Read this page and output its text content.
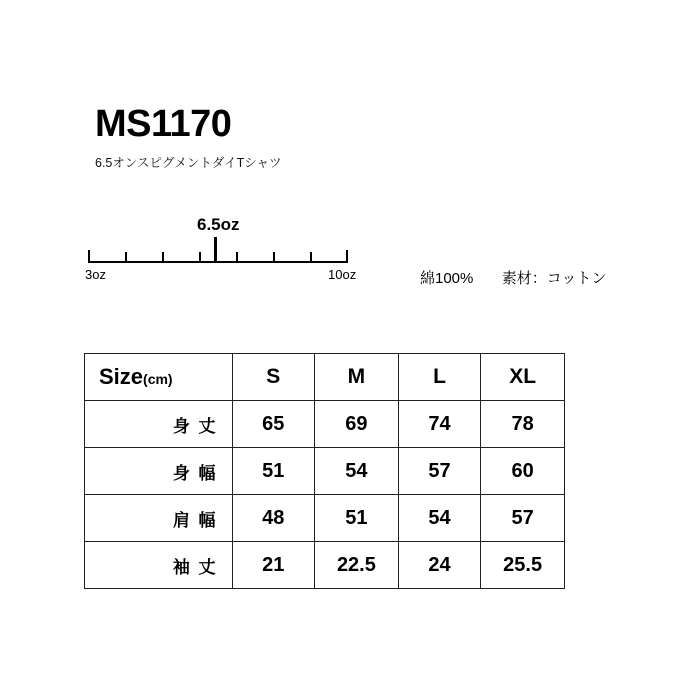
MS1170
6.5オンスピグメントダイTシャツ
6.5oz
3oz	10oz	綿100% 素材：コットン
Size(cm)	S	M	L	XL
身 丈	65	69	74	78
身 幅	51	54	57	60
肩 幅	48	51	54	57
袖 丈	21	22.5	24	25.5
